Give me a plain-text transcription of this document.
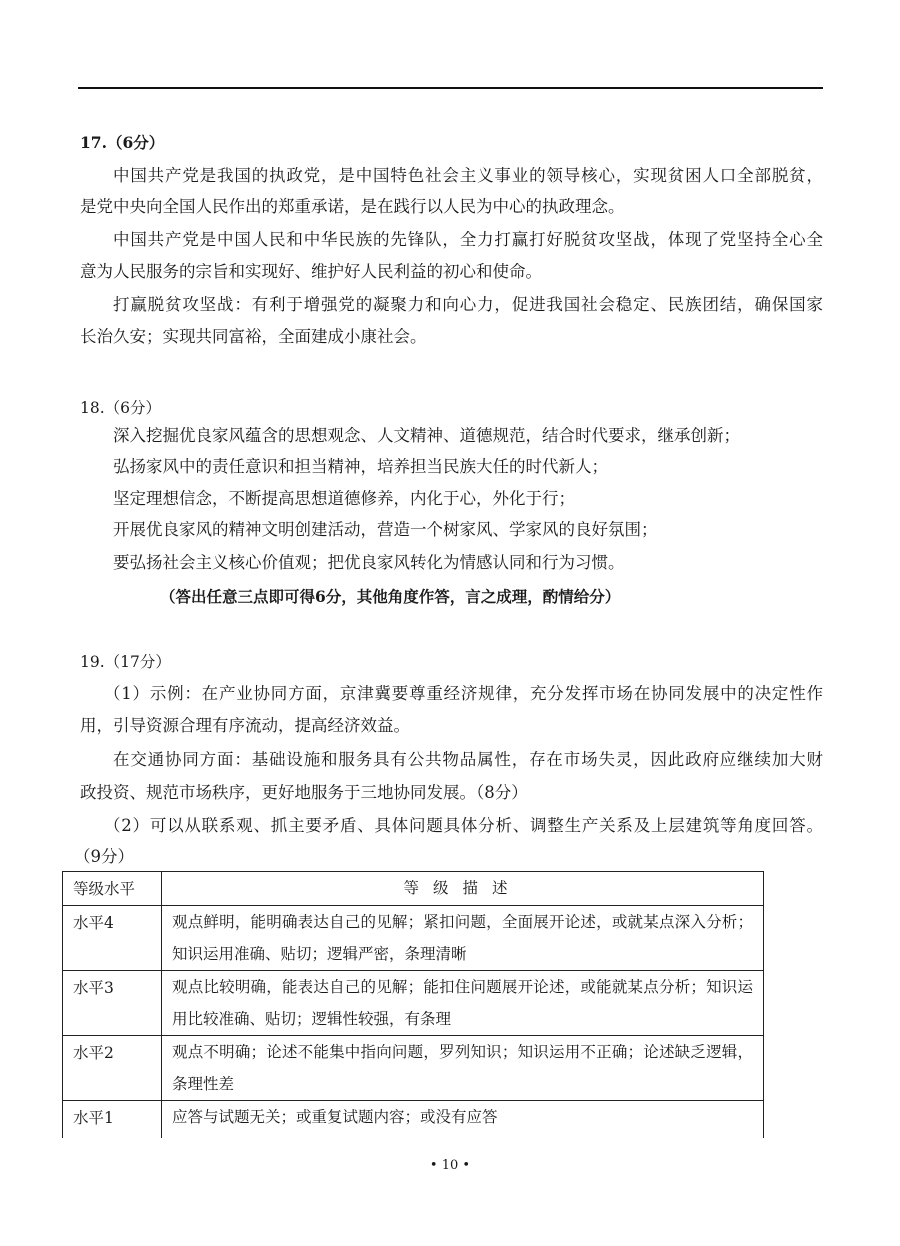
17.（6分）
中国共产党是我国的执政党，是中国特色社会主义事业的领导核心，实现贫困人口全部脱贫，
是党中央向全国人民作出的郑重承诺，是在践行以人民为中心的执政理念。
中国共产党是中国人民和中华民族的先锋队，全力打赢打好脱贫攻坚战，体现了党坚持全心全
意为人民服务的宗旨和实现好、维护好人民利益的初心和使命。
打赢脱贫攻坚战：有利于增强党的凝聚力和向心力，促进我国社会稳定、民族团结，确保国家
长治久安；实现共同富裕，全面建成小康社会。
18.（6分）
深入挖掘优良家风蕴含的思想观念、人文精神、道德规范，结合时代要求，继承创新；
弘扬家风中的责任意识和担当精神，培养担当民族大任的时代新人；
坚定理想信念，不断提高思想道德修养，内化于心，外化于行；
开展优良家风的精神文明创建活动，营造一个树家风、学家风的良好氛围；
要弘扬社会主义核心价值观；把优良家风转化为情感认同和行为习惯。
（答出任意三点即可得6分，其他角度作答，言之成理，酌情给分）
19.（17分）
（1）示例：在产业协同方面，京津冀要尊重经济规律，充分发挥市场在协同发展中的决定性作
用，引导资源合理有序流动，提高经济效益。
在交通协同方面：基础设施和服务具有公共物品属性，存在市场失灵，因此政府应继续加大财
政投资、规范市场秩序，更好地服务于三地协同发展。（8分）
（2）可以从联系观、抓主要矛盾、具体问题具体分析、调整生产关系及上层建筑等角度回答。
（9分）
等级水平	等级描述
水平4	观点鲜明，能明确表达自己的见解；紧扣问题，全面展开论述，或就某点深入分析；知识运用准确、贴切；逻辑严密，条理清晰
水平3	观点比较明确，能表达自己的见解；能扣住问题展开论述，或能就某点分析；知识运用比较准确、贴切；逻辑性较强，有条理
水平2	观点不明确；论述不能集中指向问题，罗列知识；知识运用不正确；论述缺乏逻辑，条理性差
水平1	应答与试题无关；或重复试题内容；或没有应答
• 10 •
